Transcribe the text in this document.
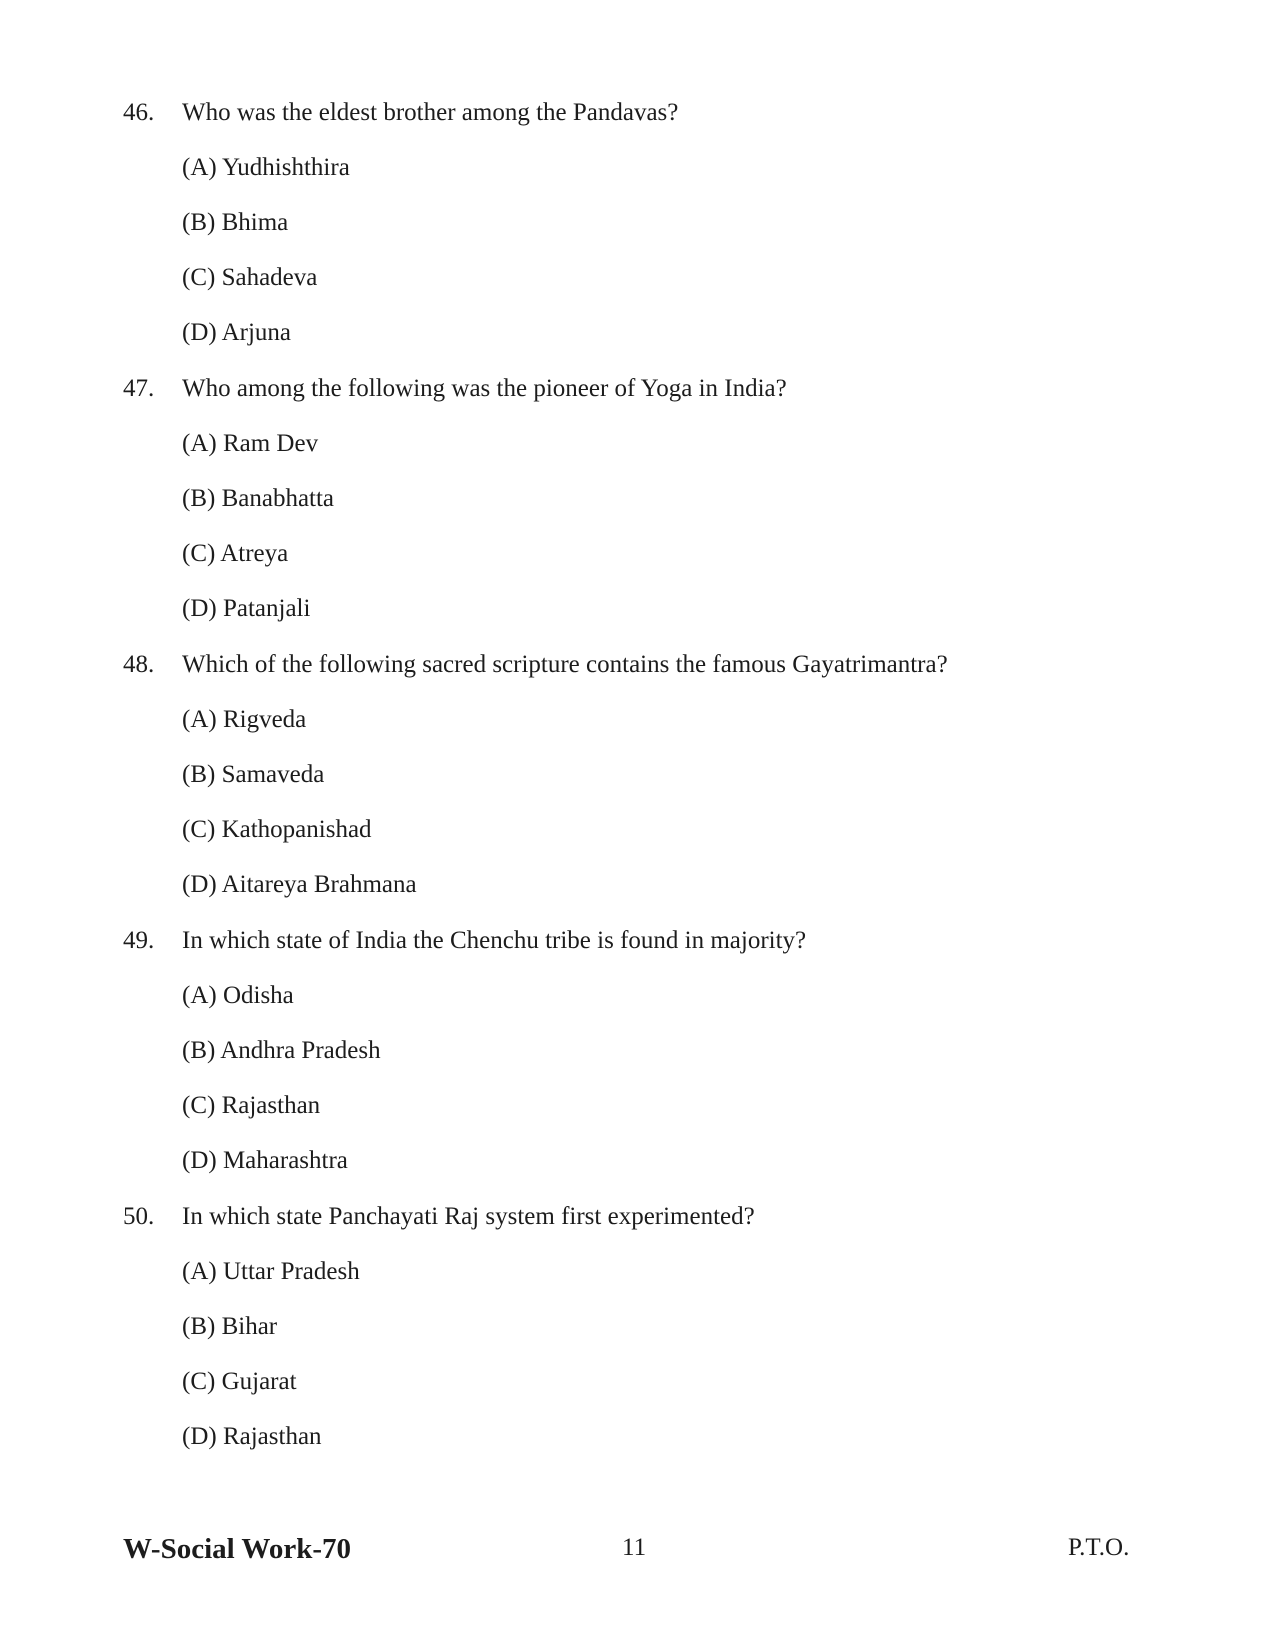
46. Who was the eldest brother among the Pandavas?
(A) Yudhishthira
(B) Bhima
(C) Sahadeva
(D) Arjuna
47. Who among the following was the pioneer of Yoga in India?
(A) Ram Dev
(B) Banabhatta
(C) Atreya
(D) Patanjali
48. Which of the following sacred scripture contains the famous Gayatrimantra?
(A) Rigveda
(B) Samaveda
(C) Kathopanishad
(D) Aitareya Brahmana
49. In which state of India the Chenchu tribe is found in majority?
(A) Odisha
(B) Andhra Pradesh
(C) Rajasthan
(D) Maharashtra
50. In which state Panchayati Raj system first experimented?
(A) Uttar Pradesh
(B) Bihar
(C) Gujarat
(D) Rajasthan
W-Social Work-70	11	P.T.O.
